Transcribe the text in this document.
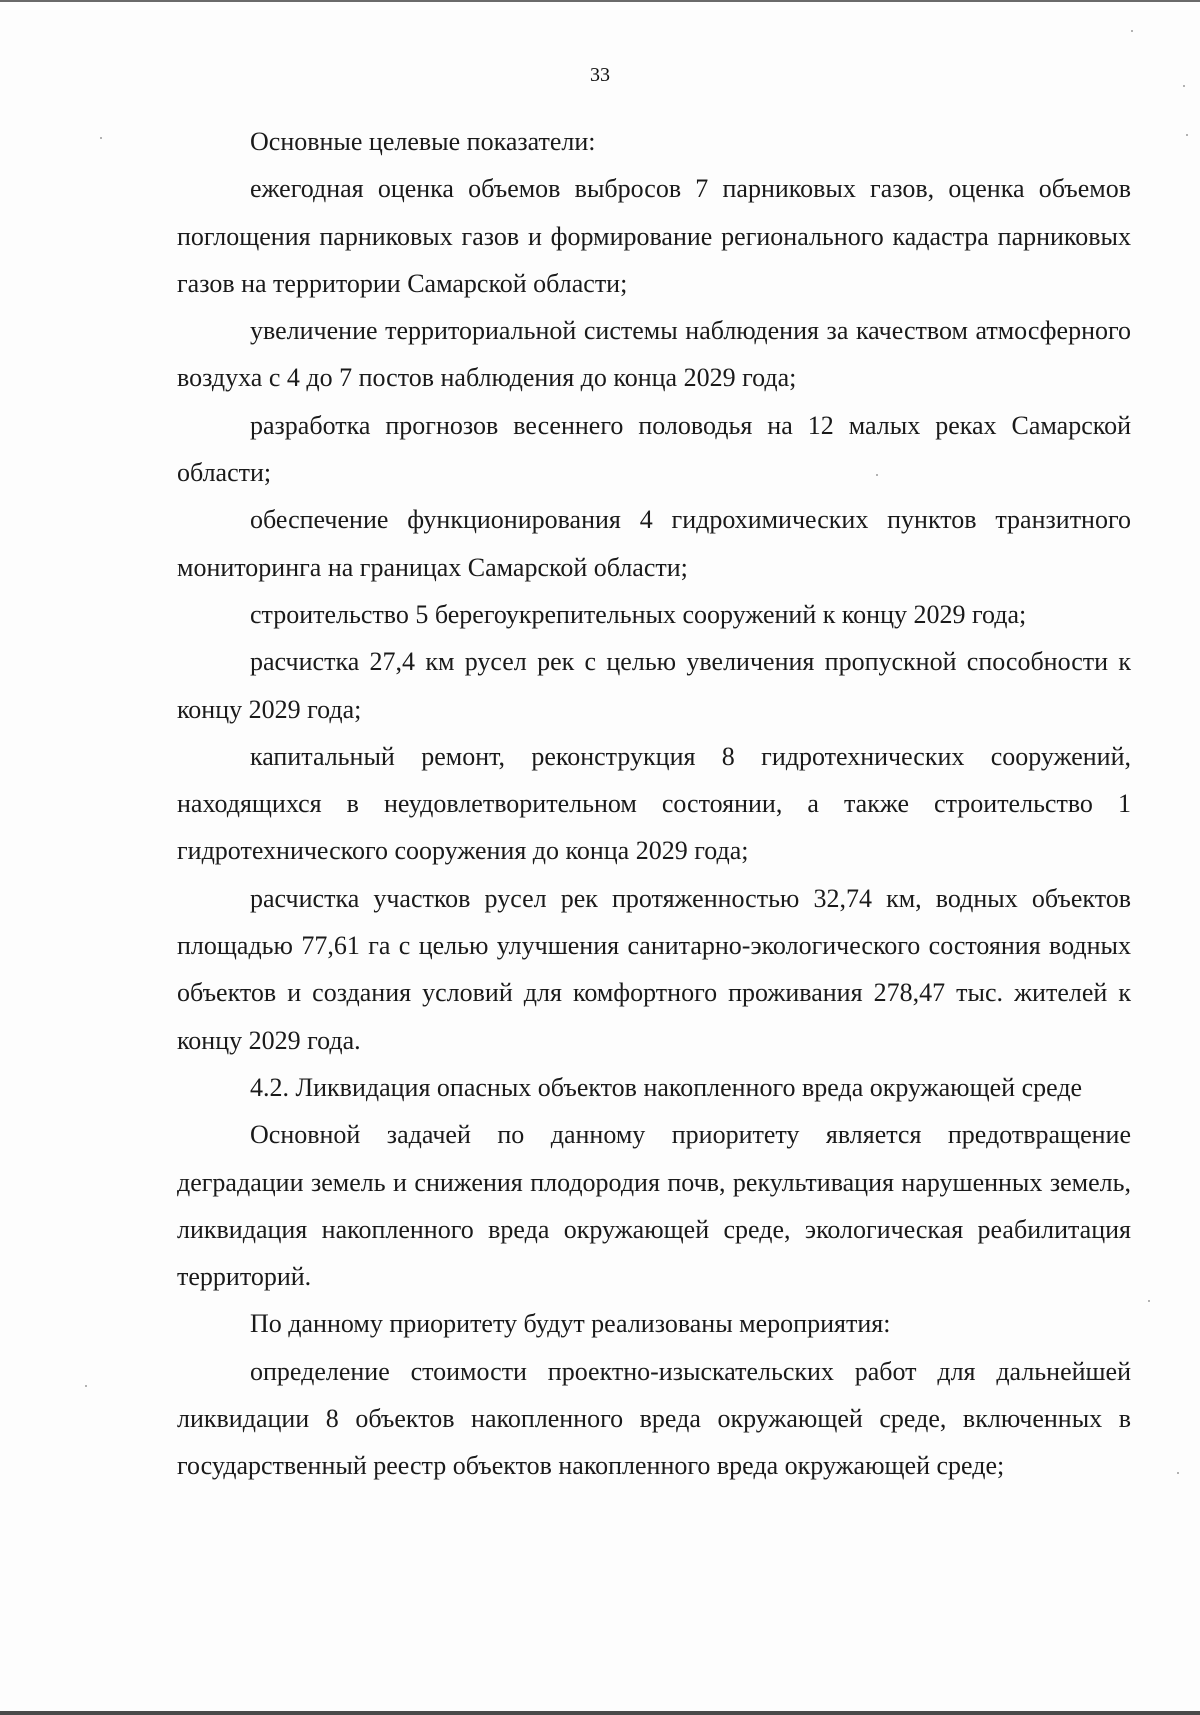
33

Основные целевые показатели:

ежегодная оценка объемов выбросов 7 парниковых газов, оценка объемов поглощения парниковых газов и формирование регионального кадастра парниковых газов на территории Самарской области;

увеличение территориальной системы наблюдения за качеством атмосферного воздуха с 4 до 7 постов наблюдения до конца 2029 года;

разработка прогнозов весеннего половодья на 12 малых реках Самарской области;

обеспечение функционирования 4 гидрохимических пунктов транзитного мониторинга на границах Самарской области;

строительство 5 берегоукрепительных сооружений к концу 2029 года;

расчистка 27,4 км русел рек с целью увеличения пропускной способности к концу 2029 года;

капитальный ремонт, реконструкция 8 гидротехнических сооружений, находящихся в неудовлетворительном состоянии, а также строительство 1 гидротехнического сооружения до конца 2029 года;

расчистка участков русел рек протяженностью 32,74 км, водных объектов площадью 77,61 га с целью улучшения санитарно-экологического состояния водных объектов и создания условий для комфортного проживания 278,47 тыс. жителей к концу 2029 года.

4.2. Ликвидация опасных объектов накопленного вреда окружающей среде

Основной задачей по данному приоритету является предотвращение деградации земель и снижения плодородия почв, рекультивация нарушенных земель, ликвидация накопленного вреда окружающей среде, экологическая реабилитация территорий.

По данному приоритету будут реализованы мероприятия:

определение стоимости проектно-изыскательских работ для дальнейшей ликвидации 8 объектов накопленного вреда окружающей среде, включенных в государственный реестр объектов накопленного вреда окружающей среде;
